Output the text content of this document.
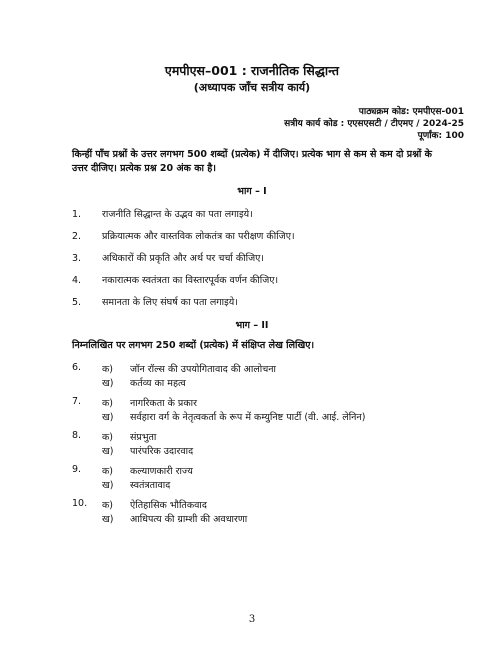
एमपीएस–001 : राजनीतिक सिद्धान्त
(अध्यापक जाँच सत्रीय कार्य)
पाठ्यक्रम कोड: एमपीएस-001
सत्रीय कार्य कोड : एएसएसटी / टीएमए / 2024-25
पूर्णांक: 100
किन्हीं पाँच प्रश्नों के उत्तर लगभग 500 शब्दों (प्रत्येक) में दीजिए। प्रत्येक भाग से कम से कम दो प्रश्नों के उत्तर दीजिए। प्रत्येक प्रश्न 20 अंक का है।
भाग – I
1. राजनीति सिद्धान्त के उद्भव का पता लगाइये।
2. प्रक्रियात्मक और वास्तविक लोकतंत्र का परीक्षण कीजिए।
3. अधिकारों की प्रकृति और अर्थ पर चर्चा कीजिए।
4. नकारात्मक स्वतंत्रता का विस्तारपूर्वक वर्णन कीजिए।
5. समानता के लिए संघर्ष का पता लगाइये।
भाग – II
निम्नलिखित पर लगभग 250 शब्दों (प्रत्येक) में संक्षिप्त लेख लिखिए।
6. क) जॉन रॉल्स की उपयोगितावाद की आलोचना
ख) कर्तव्य का महत्व
7. क) नागरिकता के प्रकार
ख) सर्वहारा वर्ग के नेतृत्वकर्ता के रूप में कम्युनिष्ट पार्टी (वी. आई. लेनिन)
8. क) संप्रभुता
ख) पारंपरिक उदारवाद
9. क) कल्याणकारी राज्य
ख) स्वतंत्रतावाद
10. क) ऐतिहासिक भौतिकवाद
ख) आधिपत्य की ग्राम्शी की अवधारणा
3
